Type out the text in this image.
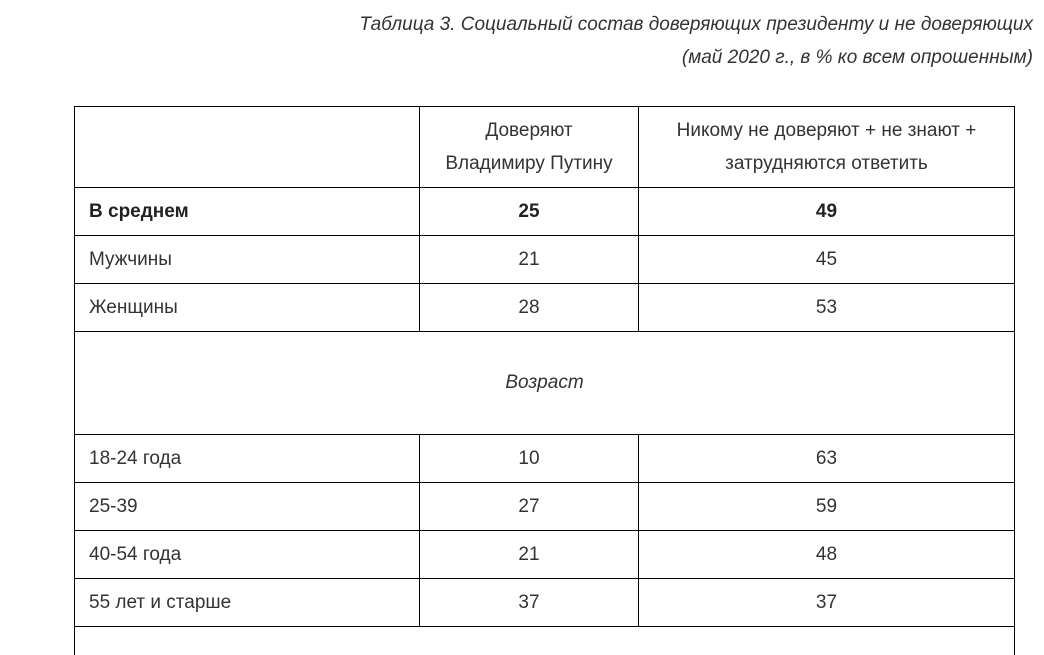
Таблица 3. Социальный состав доверяющих президенту и не доверяющих
(май 2020 г., в % ко всем опрошенным)
	Доверяют Владимиру Путину	Никому не доверяют + не знают + затрудняются ответить
В среднем	25	49
Мужчины	21	45
Женщины	28	53
Возраст		
18-24 года	10	63
25-39	27	59
40-54 года	21	48
55 лет и старше	37	37
